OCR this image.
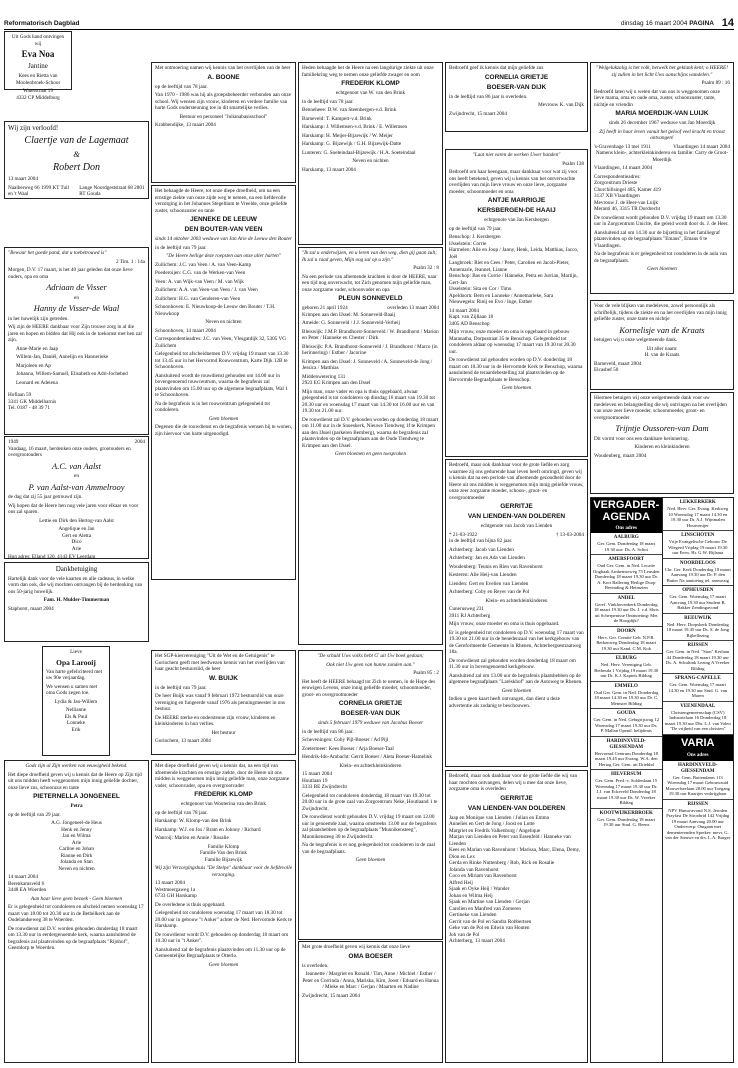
Reformatorisch Dagblad	dinsdag 16 maart 2004 PAGINA 14

Uit Gods hand ontvingen wij

Eva Noa

Jantine

Kees en Rietta van Moolenbroek-Schoor

Waterstraat 19

4332 CP Middelburg

Wij zijn verloofd!

Claertje van de Lagemaat

&

Robert Don

13 maart 2004

Naaiberweg 66 1999 KT Tull en 't Waal
Lange Noordgeststraat 68 2801 RT Gouda

"Bewaar het goede pand, dat u toebetrouwd is"

2 Tim. 1 : 14a

Morgen, D.V. 17 maart, is het 40 jaar geleden dat onze lieve ouders, opa en oma

Adriaan de Visser

en

Hanny de Visser-de Waal

in het huwelijk zijn getreden.

Wij zijn de HEERE dankbaar voor Zijn trouwe zorg in al die jaren en hopen en bidden dat Hij ook in de toekomst met hen zal zijn.

Anne-Marie en Jaap

Willem-Jan, Daniël, Annelijn en Hannerieke

Marjoleen en Ap

Johanna, Willem-Samuël, Elisabeth en Adri-Jochebed

Leonard en Adeiena

Hoflaan 59

3341 GK Middelharnis

Tel. 0187 - 48 39 71

1949	2004

Vandaag, 16 maart, herdenken onze ouders, grootouders en overgrootouders

A.C. van Aalst

en

P. van Aalst-van Ammelrooy

de dag dat zij 55 jaar getrouwd zijn.

Wij hopen dat de Heere hen nog vele jaren voor elkaar en voor ons zal sparen.

Lettie en Dirk den Hertog-van Aalst

Angelique en Jan

Gert en Aletta

Dico

Arie

Hun adres: Elland 120, 4143 EV Leerdam

Dankbetuiging

Hartelijk dank voor de vele kaarten en alle cadeaus, in welke vorm dan ook, die wij mochten ontvangen bij de herdenking van ons 50-jarig huwelijk.

Fam. H. Mulder-Timmerman

Staphorst, maart 2004

Lieve

Opa Larooij

Van harte gefeliciteerd met uw 90e verjaardag.

We wensen u samen met oma Gods zegen toe.

Lydia & Jan-Willem

Nellianne

Els & Paul

Lonneke

Erik

Gods zijn al Zijn werken van eeuwigheid bekend.

Het diepe droefheid geven wij u kennis dat de Heere op Zijn tijd uit ons midden heeft weggenomen mijn innig geliefde dochter, onze lieve zus, schoonzus en tante

PIETERNELLA JONGENEEL

Petra

op de leeftijd van 29 jaar.

A.G. Jongeneel-de Heus

Henk en Jenny

Jan en Wilma

Arie

Carline en Johan

Rianne en Dirk

Jolanda en Stan

Neven en nichten

14 maart 2004

Berenkamsveld 6

3448 EA Woerden

Aan haar lieve geen bezoek - Geen bloemen

Er is gelegenheid tot condoleren en afscheid nemen woensdag 17 maart van 18.00 tot 20.30 uur in de Bethélkerk aan de Oudelandseweg 38 te Woerden.

De rouwdienst zal D.V. worden gehouden donderdag 18 maart om 13.30 uur in eerdergenoemde kerk, waarna aansluitend de begrafenis zal plaatsvinden op de begraafplaats "Rijnhof", Geestdorp te Woerden.

Met ontmoering namen wij kennis van het overlijden van de heer

A. BOONE

op de leeftijd van 78 jaar.

Van 1970 - 1986 was hij als groepsbeheerder verbonden aan onze school. Wij wensen zijn vrouw, kinderen en verdere familie van harte Gods ondersteuning toe in dit smartelijke verlies.

Bestuur en personeel "Julianabasisschool"

Krabbendijke, 13 maart 2004

Het behaagde de Heere, tot onze diepe droefheid, om na een ernstige ziekte van onze zijde weg te nemen, na een liefdevolle verzorging in het Johannes Stegeltium te Vreelde, onze geliefde zuster, schoonzuster en tante

JENNEKE DE LEEUW

DEN BOUTER-VAN VEEN

sinds 14 oktober 2003 weduwe van Jan Arie de Leeuw den Bouter

in de leeftijd van 79 jaar.

"De Heere heilige deze roepsten aan onze aller harten"

Zuilichem: J.C. van Veen / A. van Veen-Kamp

Poederoijen: C.G. van de Werken-van Veen

Veen: A. van Wijk-van Veen / M. van Wijk

Zuilichem: A.A. van Veen-van Veen / J. van Veen

Zuilichem: H.G. van Genderen-van Veen

Schoonhoven: E. Nieuwkoop-de Leeuw den Bouter / T.H. Nieuwkoop

Neven en nichten

Schoonhoven, 14 maart 2004

Correspondentieadres: J.C. van Veen, Vlesgatdijk 32, 5305 VG Zuilichem

Gelegenheid tot afscheidnemen D.V. vrijdag 19 maart van 13.30 tot 13.45 uur in het Hervormd Rouwcentrum, Karte Dijk 12B te Schoonhoven.

Aansluitend wordt de rouwdienst gehouden om 14.00 uur in bovengenoemd rouwcentrum, waarna de begrafenis zal plaatsvinden om 15.00 uur op de algemene begraafplaats, Wal 1 te Schoonhoven.

Na de begrafenis is in het rouwcentrum gelegenheid tot condoleren.

Geen bloemen

Degenen die de rouwdienst en de begrafenis wensen bij te wonen, zijn hiervoor van harte uitgenodigd.

Het SGP-kiesvereniging "Uit de Wet en de Getuigenis" te Gorinchem geeft met leedwezen kennis van het overlijden van haar geacht bestuurslid, de heer

W. BUIJK

in de leeftijd van 79 jaar.

De heer Buijk was vanaf 9 februari 1972 bestuurslid van onze vereniging en fungeerde vanaf 1976 als penningmeester in ons bestuur.

De HEERE sterke en ondersteune zijn vrouw, kinderen en kleinkinderen in hun verlies.

Het bestuur

Gorinchem, 13 maart 2004

Met diepe droefheid geven wij u kennis dat, na een tijd van afnemende krachten en ernstige ziekte, door de Heere uit ons midden is weggenomen mijn innig geliefde man, onze zorgzame vader, schoonvader, opa en overgrootvader

FREDERIK KLOMP

echtgenoot van Wouterina van den Brink

op de leeftijd van 78 jaar.

Harskamp: W. Klomp-van den Brink

Harskamp: W.J. en Jos / Bram en Johnny / Richard

Wanroij: Marien en Annie / Rosalie

Familie Klomp

Familie Van den Brink

Familie Bijzewijk

Wij zijn Verzorgingshuis "De Stelpe" dankbaar voor de liefdevolle verzorging.

13 maart 2004

Westmeergaweg 1a

6733 GH Harskamp

De overledene is thuis opgebaard.

Gelegenheid tot condoleren woensdag 17 maart van 18.30 tot 20.00 uur in gebouw "t Anker" achter de Ned. Hervormde Kerk te Harskamp.

De rouwdienst wordt D.V. gehouden op donderdag 18 maart om 10.30 uur in "t Anker".

Aansluitend zal de begrafenis plaatsvinden om 11.30 uur op de Gemeentelijke Begraafplaats te Otterlo.

Geen bloemen

Heden behaagde het de Heere na een langdurige ziekte uit onze familiekring weg te nemen onze geliefde zwager en oom

FREDERIK KLOMP

echtgenoot van W. van den Brink

in de leeftijd van 78 jaar.

Benneheee: D.W. van Steenbergen-v.d. Brink

Barneveld: T. Kampert-v.d. Brink

Harskamp: J. Willemsen-v.d. Brink / E. Willemsen

Harskamp: H. Meijer-Bijzewijk / W. Meijer

Harskamp: G. Bijzewijk / G.H. Bijzewijk-Datte

Lunteren: G. Soeteindaal-Bijzewijk / H.A. Soeteindaal

Neven en nichten

Harskamp, 13 maart 2004

"Ik zal u onderwijzen, en u leren van den weg, dien gij gaan zult; Ik zal u raad geven, Mijn oog zal op u zijn."

Psalm 32 : 8

Na een periode van afnemende krachten is door de HEERE, naar een tijd nog onverwacht, tot Zich genomen mijn geliefde man, onze zorgzame vader, schoonvader en opa

PLEUN SONNEVELD

geboren 21 april 1924	overleden 13 maart 2004

Krimpen aan den IJssel: M. Sonneveld-Baaij

Ameide: G. Sonneveld / J.J. Sonneveld-Verheij

Bleiswijk: J.M.P. Brandhorst-Sonneveld / W. Brandhorst / Marion en Peter / Hanneke en Chester / Dirk

Bleiswijk: P.A. Brandhorst-Sonneveld / J. Brandhorst / Marco (in herinnering) / Esther / Jacorine

Krimpen aan den IJssel: J. Sonneveld / A. Sonneveld-de Jong / Jessica / Matthias

Middenwetering 131

2923 EG Krimpen aan den IJssel

Mijn man, onze vader en opa is thuis opgebaard, alwaar gelegenheid is tot condoleren op dinsdag 16 maart van 19.30 tot 20.30 uur en woensdag 17 maart van 14.30 tot 16.00 uur en van 19.30 tot 21.00 uur.

De rouwdienst zal D.V. gehouden worden op donderdag 18 maart om 11.00 uur in de Snoeskerk, Nieuwe Tiendweg 1f te Krimpen aan den IJssel (parkeren Bemberg), waarna de begrafenis zal plaatsvinden op de begraafplaats aan de Oude Tiendweg te Krimpen aan den IJssel.

Geen bloemen en geen toespraken

"De schuld Uws volks hebt G' uit Uw boek gedaan;

Ook niet Uw geen van hunne zonden aan."

Psalm 85 : 2

Het heeft de HEERE behaagd tot Zich te nemen, in de Hope des eeuwigen Levens, onze innig geliefde moeder, schoonmoeder, groot- en overgrootmoeder

CORNELIA GRIETJE

BOESER-VAN DIJK

sinds 5 februari 1979 weduwe van Jacobus Boeser

in de leeftijd van 86 jaar.

Scheveningen: Coby Pijl-Boeser / Ad Pijl

Zoetermeer: Kees Boeser / Arja Boeser-Taal

Hendrik-Ido-Ambacht: Gerrit Boeser / Aleta Boeser-Hamelink

Klein- en achterkleinkinderen

15 maart 2004

Houtlaan 19

3333 BE Zwijndrecht

Gelegenheid tot condoleren donderdag 18 maart van 19.30 tot 20.00 uur in de grote zaal van Zorgcentrum Neke, Houtlaand 1 te Zwijndrecht.

De rouwdienst wordt gehouden D.V. vrijdag 19 maart om 12.00 uur in genoemde zaal, waarna omstreeks 13.00 uur de begrafenis zal plaatshebben op de begraafplaats "Munnikensteeg", Munnikensteeg 30 te Zwijndrecht.

Na de begrafenis is er nog gelegenheid tot condoleren in de zaal van de begraafplaats.

Geen bloemen

Met grote droefheid geven wij kennis dat onze lieve

OMA BOESER

is overleden.

Jeannette / Margriet en Ronald / Tim, Anne / Michiel / Esther / Peter en Corrinda / Anna, Mariska, Kim, Joost / Eduard en Hanna / Mieke en Marc / Gerjan / Maarten en Nadine

Zwijndrecht, 15 maart 2004

Bedroefd geef ik kennis dat mijn geliefde zus

CORNELIA GRIETJE

BOESER-VAN DIJK

in de leeftijd van 86 jaar is overleden.

Mevrouw K. van Dijk

Zwijndrecht, 15 maart 2004

"Laat niet varen de werken Uwer handen"

Psalm 138

Bedroefd om haar heengaan, maar dankbaar voor wat zij voor ons heeft betekend, geven wij u kennis van het ontverwachte overlijden van mijn lieve vrouw en onze lieve, zorgzame moeder, schoonmoeder en oma

ANTJE MARRIGJE

KERSBERGEN-DE HAAIJ

echtgenote van Jan Kersbergen

op de leeftijd van 79 jaar.

Benschop: J. Kersbergen

IJsselstein: Corrie

Harmelen: Alie en Joop / Janny, Henk, Leida, Matthias, Jacco, Joël

Langbroek: Riet en Cees / Peter, Carolien en Jacob-Pieter, Annemarie, Jeannet, Lianne

Benschop: Bas en Corrie / Hanneke, Petra en Jurrian, Martijn, Gert-Jan

IJsselstein: Sita en Cor / Timo

Apeldoorn: Bern en Lonneke / Annemarieke, Sara

Nieuwegein: Rinij en Evo / Inge, Esther

14 maart 2004

Kapt. van Zijllaan 18

3405 AD Benschop

Mijn vrouw, onze moeder en oma is opgebaard in gebouw Maranatha, Dorpsstraat 35 te Benschop. Gelegenheid tot condoleren aldaar op woensdag 17 maart van 19.30 tot 20.30 uur.

De rouwdienst zal gehouden worden op D.V. donderdag 18 maart om 10.30 uur in de Hervormde Kerk te Benschop, waarna aansluitend de teraardebestelling zal plaatsvinden op de Hervormde Begraafplaats te Benschop.

Geen bloemen

Bedroefd, maar ook dankbaar voor de grote liefde en zorg waarmee zij ons gedurende haar leven heeft omringd, geven wij u kennis dat na een periode van afnemende gezondheid door de Heere uit ons midden is weggenomen mijn innig geliefde vrouw, onze zeer zorgzame moeder, schoon-, groot- en overgrootmoeder

GERRITJE

VAN LIENDEN-VAN DOLDEREN

echtgenote van Jacob van Lienden

* 21-03-1922	† 13-03-2004

in de leeftijd van bijna 82 jaar.

Achterberg: Jacob van Lienden

Achterberg: Jan en Ada van Lienden

Woudenberg: Teunis en Rien van Ravenhorst

Kesteren: Alie Heij-van Lienden

Lienden: Gert en Evelien van Lienden

Achterberg: Coby en Reyer van de Pol

Klein- en achterkleinkinderen

Cunerusweg 231

3911 RJ Achterberg

Mijn vrouw, onze moeder en oma is thuis opgebaard.

Er is gelegenheid tot condoleren op D.V. woensdag 17 maart van 19.30 tot 21.00 uur in de benedenzaal van het kerkgebouw van de Gereformeerde Gemeente in Rhenen, Achterbergsestraatweg 18a.

De rouwdienst zal gehouden worden donderdag 18 maart om 11.30 uur in bovengenoemd kerkgebouw.

Aansluitend zal om 13.00 uur de begrafenis plaatshebben op de algemene begraafplaats "Laréskhof" aan de Autoweg te Rhenen.

Geen bloemen

Indien u geen kaart heeft ontvangen, dan dient u deze advertentie als zodanig te beschouwen.

Bedroefd, maar ook dankbaar voor de grote liefde die wij van haar mochten ontvangen, delen wij u mee dat onze lieve, zorgzame oma is overleden

GERRITJE

VAN LIENDEN-VAN DOLDEREN

Jaap en Monique van Lienden / Julian en Emma

Annelies en Gert de Jong / Joost en Lotte

Margriet en Fredrik Valkenburg / Angelique

Marjan van Lienden en Peter van Essenfeld / Hanneke van Lienden

Kees en Marian van Ravenhorst / Marissa, Marc, Elena, Demy, Dion en Lex

Gerda en Rinke Nuttenberg / Rob, Rick en Rosalie

Jolanda van Ravenhorst

Coco en Miriam van Ravenhorst

Alfred Heij

Sjaak en Oyke Heij / Wander

Johan en Wilma Heij

Sjaak en Martine van Lienden / Gerjan

Carolien en Manfred van Zomeren

Gertineke van Lienden

Gerrit van de Pol en Sandra Robbertsen

Geke van de Pol en Edwin van Houten

Joh van de Pol

Achterberg, 13 maart 2004

"Welgelukzalig is het volk, hetwelk het geklank kent; o HEERE! zij zullen in het licht Uws aanschijns wandelen."

Psalm 89 : 16

Bedroefd laten wij u weten dat van ons is weggenomen onze lieve mama, oma en oude oma, zuster, schoonzuster, tante, nichtje en vriendin

MARIA MOERDIJK-VAN LUIJK

sinds 26 december 1967 weduwe van Jan Moerdijk

Zij heeft in haar leven vanuit het geloof veel kracht en troost ontvangen!

's-Gravenhage 13 mei 1911	Vlaardingen 14 maart 2004

Namens klein-, achterkleinkinderen en familie: Carry de Groot-Moerdijk

Vlaardingen, 14 maart 2004

Correspondentieadres:

Zorgcentrum Drieste

Churchillsingel 485, Kamer 419

3137 XB Vlaardingen

Mevrouw J. de Heer-van Luijk

Meranti 46, 3315 TR Dordrecht

De rouwdienst wordt gehouden D.V. vrijdag 19 maart om 13.30 uur in Zorgcentrum Unicite, die geleid wordt door ds. J. de Heer.

Aansluitend zal om 14.30 uur de bijzetting in het familiegraf plaatsvinden op de begraafplaats "Emaus", Emaus 6 te Vlaardingen.

Na de begrafenis is er gelegenheid tot condoleren in de aula van de begraafplaats.

Geen bloemen

Voor de vele blijken van medeleven, zowel persoonlijk als schriftelijk, tijdens de ziekte en na het overlijden van mijn innig geliefde zuster, onze tante en nichtje

Kornelisje van de Kraats

betuigen wij u onze welgemeende dank.

Uit aller naam:

H. van de Kraats

Barneveld, maart 2004

Elcasbef 50

Hiermee betuigen wij onze welgemeende dank voor uw medeleven en belangstelling die wij ontvingen na het overlijden van onze zeer lieve moeder, schoonmoeder, groot- en overgrootmoeder

Trijntje Oussoren-van Dam

Dit vormt voor ons een dankbare herinnering.

Kinderen en kleinkinderen

Woudenberg, maart 2004

VERGADER-AGENDA
Ons adres
AALBURG
Ger. Gem. Donderdag 18 maart 19.30 uur: Ds. A. Schot
AMERSFOORT
Oud Ger. Gem. in Ned. Locatie Oogbaak Arnhemseweg 75 Leusden Donderdag 18 maart 19.30 uur Dr. A. Kort Ballering Heilige Doop Bevinding & Heimzien
ANDEL
Geref. Vinkhovenkerk Donderdag 18 maart 19.30 uur Ds. J. v.d. Sluis uit Scherpenisse Ontmoeting: Met de Hoogdijk?
DOORN
Herv. Ger. Comité Geb. N.P.B. Berkenweg Donderdag 18 maart 19.30 uur Kand. C.M. Kok
ELBURG
Ned. Herv. Vereniging Geb. Bethesda 1 Vrijdag 19 maart 19.30 uur Dr. K.J. Kapteïs Bildtag
EMMELO
Oud Ger. Gem. in Ned. Donderdag 18 maart 14.30 en 19.30 uur Dr. C. Meinster Bildtag
GOUDA
Ger. Gem. in Ned. Gebrgrijswag 12 Woensdag 17 maart 19.30 uur Ds. P. Mallan Opentl. belijdenis
HARDINXVELD-GIESSENDAM
Hervormd Centrum Donderdag 18 maart 19.45 uur Ewang. W.A. den Hertog Ger. Gem. uit Driebhd
HILVERSUM
Ger. Gem. Pred.-v. Soldenlaan 15 Woensdag 17 maart 19.30 uur Dr. J.J. van Eckeveld Donderdag 18 maart 19.30 uur Ds. W. Vreeker Bildtag
KOOTWIJKERBROEK
Ger. Gem. Donderdag 18 maart 19.30 uur Stud. G. Beens
LEKKERKERK
Ned. Herv. Ger. Evang. Kerkweg 10 Woensdag 17 maart 14.30 en 19.30 uur Dr. A.J. Wijnmalen Houtvenijer
LINSCHOTEN
Vrije Evangelische Gebouw De Wiegerd Vrijdag 19 maart 19.30 uur Eerw. Hr. G.W. Bijlsma
NOORDELOOS
Chr. Ger. Kerk Donderdag 18 maart Aanvang 19.30 uur Dr. P. den Butter Na aantoeing tel. aanwezig
OPHEUSDEN
Ger. Gem. Woensdag 17 maart Aanvang 19.30 uur Student B. Bakker Zendingavond
REEUWIJK
Ned. Herv. Dorpskerk Donderdag 18 maart 19.45 uur Ds. S. de Jong Bijbellezing
RIJSSEN
Ger. Gem. in Ned. "Sion" Kerlaan 44 Donderdag 18 maart 19.30 uur Ds. A. Schultink Lezing A Vreeker Bildtag
SPRANG-CAPELLE
Ger. Gem. Woensdag 17 maart 14.30 en 19.30 uur Stud. G. van Maren
VEENENDAAL
Christengemeenschap (CSV) Industrielaan 16 Donderdag 18 maart 19.30 uur Dhr. L.J. van Valen "De vrijheid van een christen"
VARIA
Ons adres
HARDINXVELD-GIESSENDAM
Ger. Gem. Buitendams 113 Woensdag 17 maart Gebouwzuid Mouwelseelaan 20.00 uur Toegang 19.30 uur Kaartjes verkrijgbaar
RIJSSEN
NPV Huma-avond N.S. Jeroden Prayfast De Stroobrid 142 Vrijdag 19 maart Aanvang 20.00 uur Onderwerp: Omgaan met dementerenden Spreker: mevr. G. van der Steuwe en drs. L.A. Burger
